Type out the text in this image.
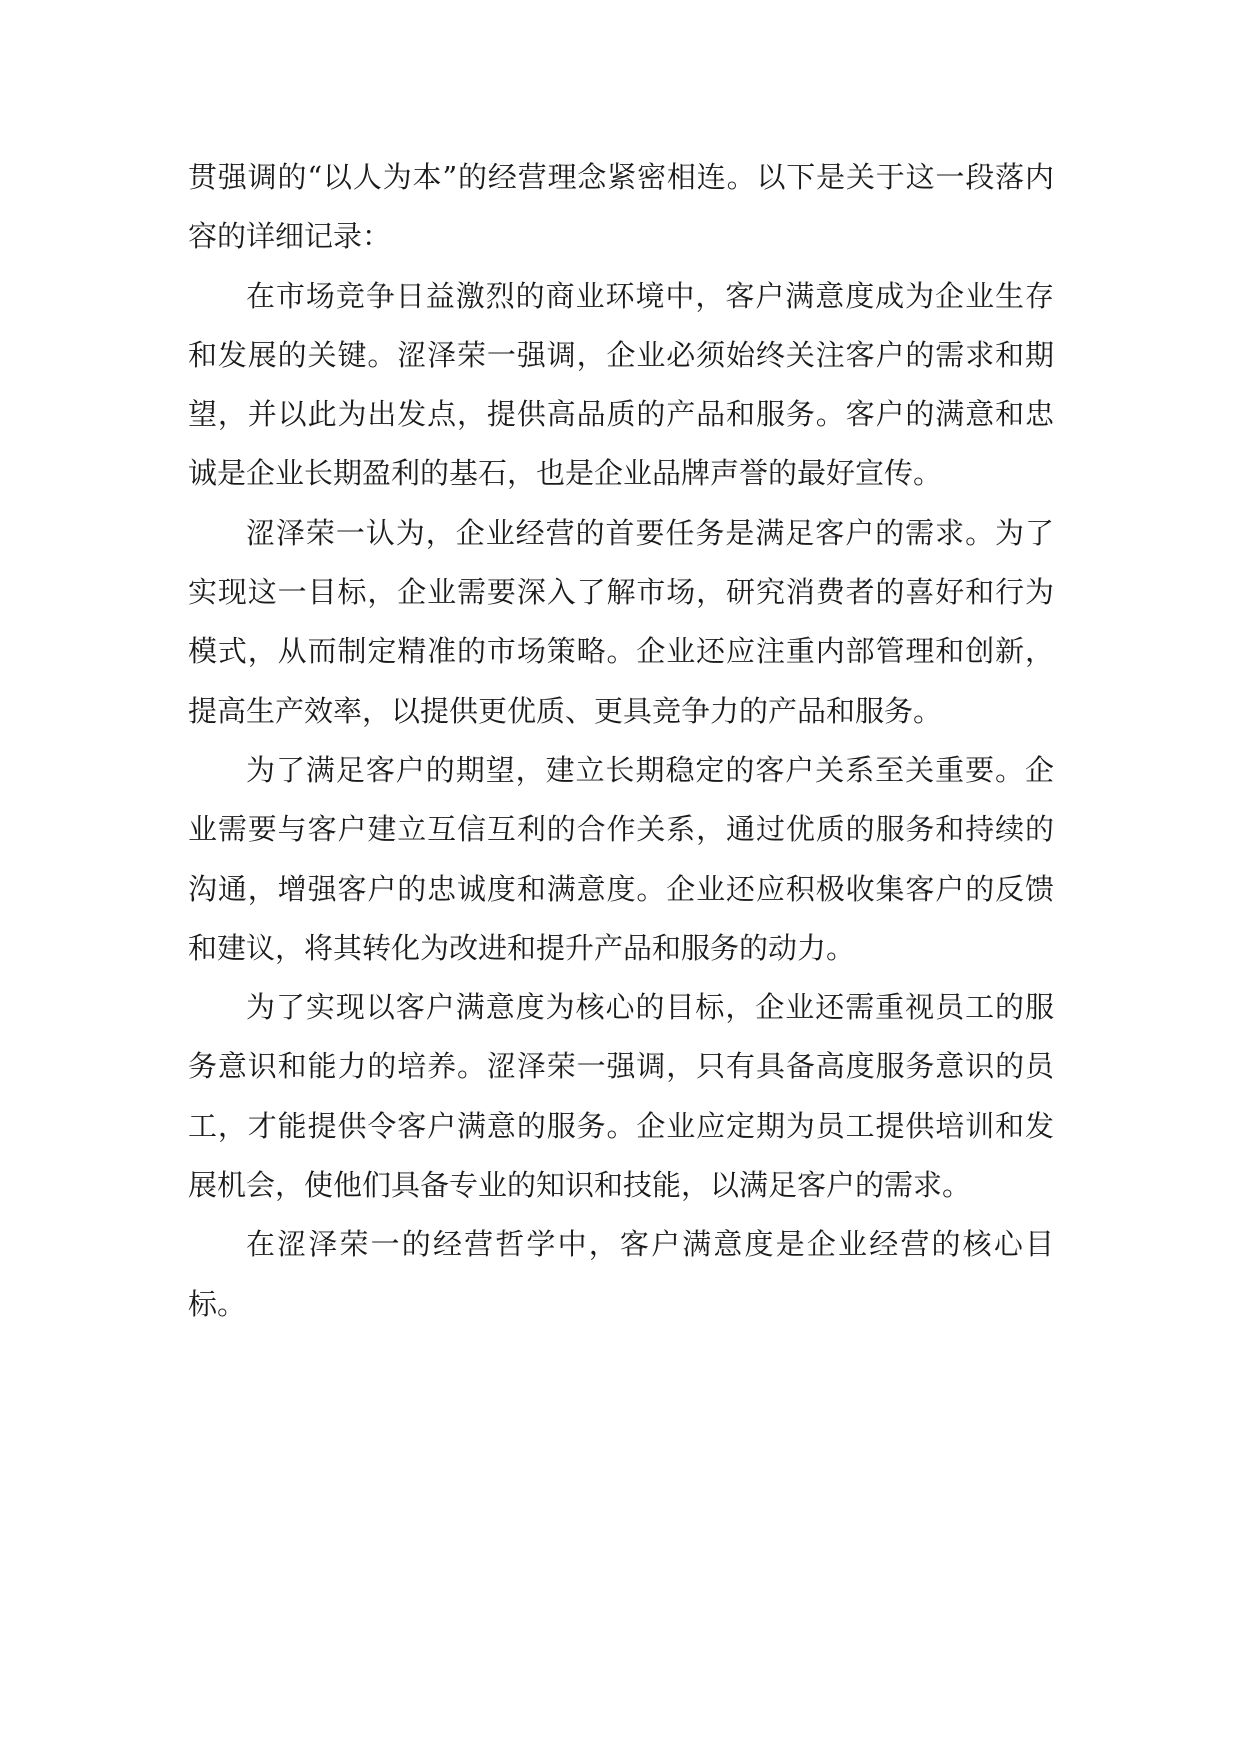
贯强调的“以人为本”的经营理念紧密相连。以下是关于这一段落内容的详细记录：

在市场竞争日益激烈的商业环境中，客户满意度成为企业生存和发展的关键。涩泽荣一强调，企业必须始终关注客户的需求和期望，并以此为出发点，提供高品质的产品和服务。客户的满意和忠诚是企业长期盈利的基石，也是企业品牌声誉的最好宣传。

涩泽荣一认为，企业经营的首要任务是满足客户的需求。为了实现这一目标，企业需要深入了解市场，研究消费者的喜好和行为模式，从而制定精准的市场策略。企业还应注重内部管理和创新，提高生产效率，以提供更优质、更具竞争力的产品和服务。

为了满足客户的期望，建立长期稳定的客户关系至关重要。企业需要与客户建立互信互利的合作关系，通过优质的服务和持续的沟通，增强客户的忠诚度和满意度。企业还应积极收集客户的反馈和建议，将其转化为改进和提升产品和服务的动力。

为了实现以客户满意度为核心的目标，企业还需重视员工的服务意识和能力的培养。涩泽荣一强调，只有具备高度服务意识的员工，才能提供令客户满意的服务。企业应定期为员工提供培训和发展机会，使他们具备专业的知识和技能，以满足客户的需求。

在涩泽荣一的经营哲学中，客户满意度是企业经营的核心目标。
